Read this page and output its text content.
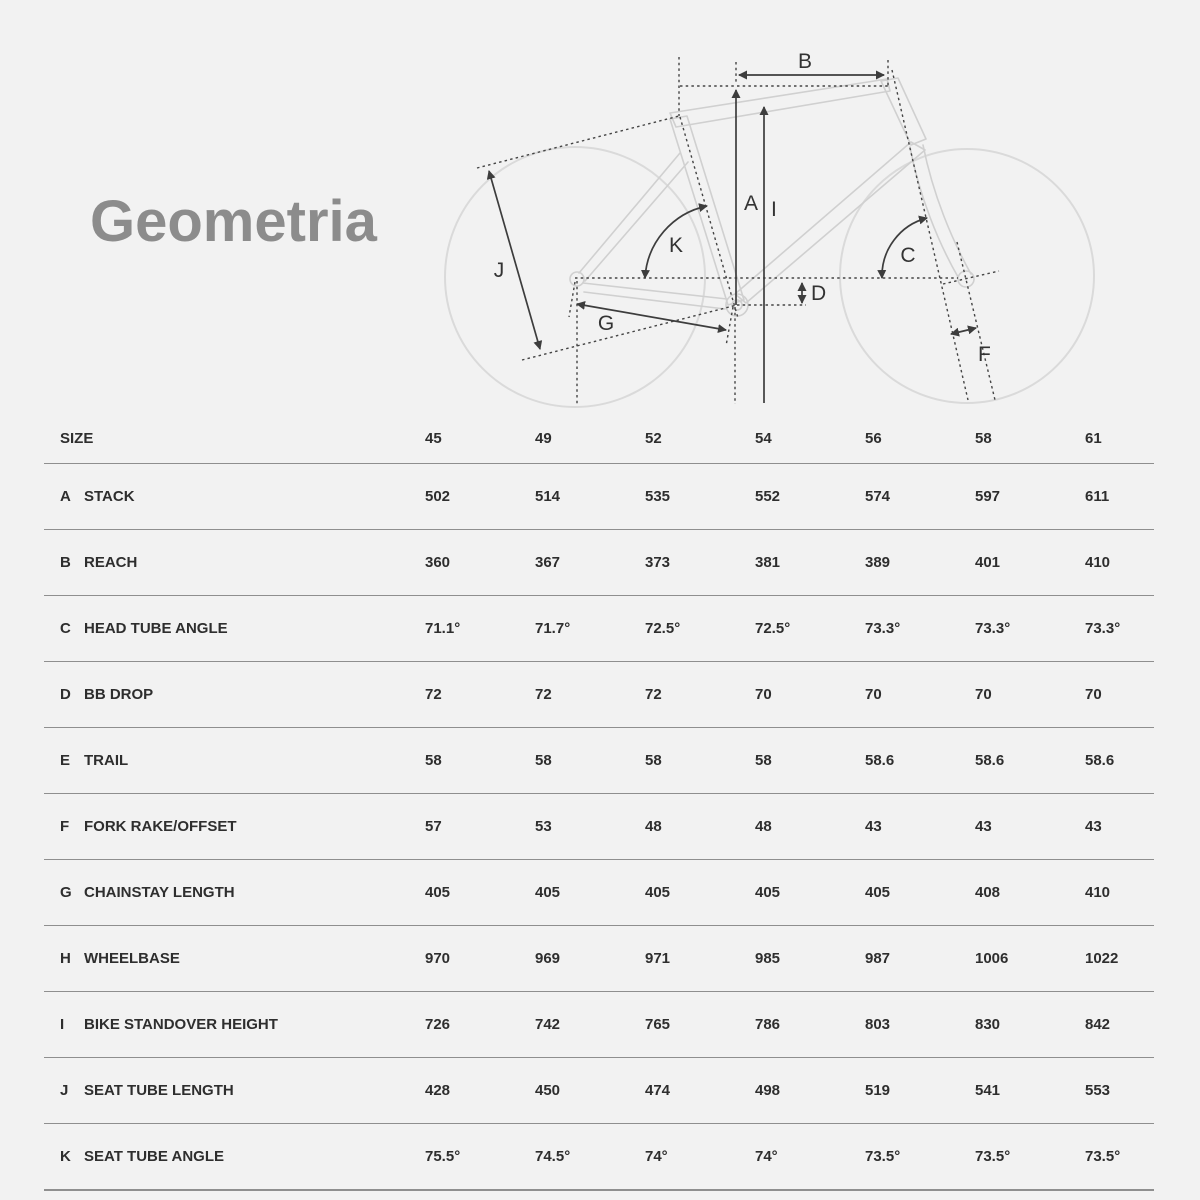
Geometria
B
A I
K	C
J
G
D
F
SIZE	45	49	52	54	56	58	61
A STACK	502	514	535	552	574	597	611
B REACH	360	367	373	381	389	401	410
C HEAD TUBE ANGLE	71.1°	71.7°	72.5°	72.5°	73.3°	73.3°	73.3°
D BB DROP	72	72	72	70	70	70	70
E TRAIL	58	58	58	58	58.6	58.6	58.6
F FORK RAKE/OFFSET	57	53	48	48	43	43	43
G CHAINSTAY LENGTH	405	405	405	405	405	408	410
H WHEELBASE	970	969	971	985	987	1006	1022
I	BIKE STANDOVER HEIGHT	726	742	765	786	803	830	842
J	SEAT TUBE LENGTH	428	450	474	498	519	541	553
K SEAT TUBE ANGLE	75.5°	74.5°	74°	74°	73.5°	73.5°	73.5°
